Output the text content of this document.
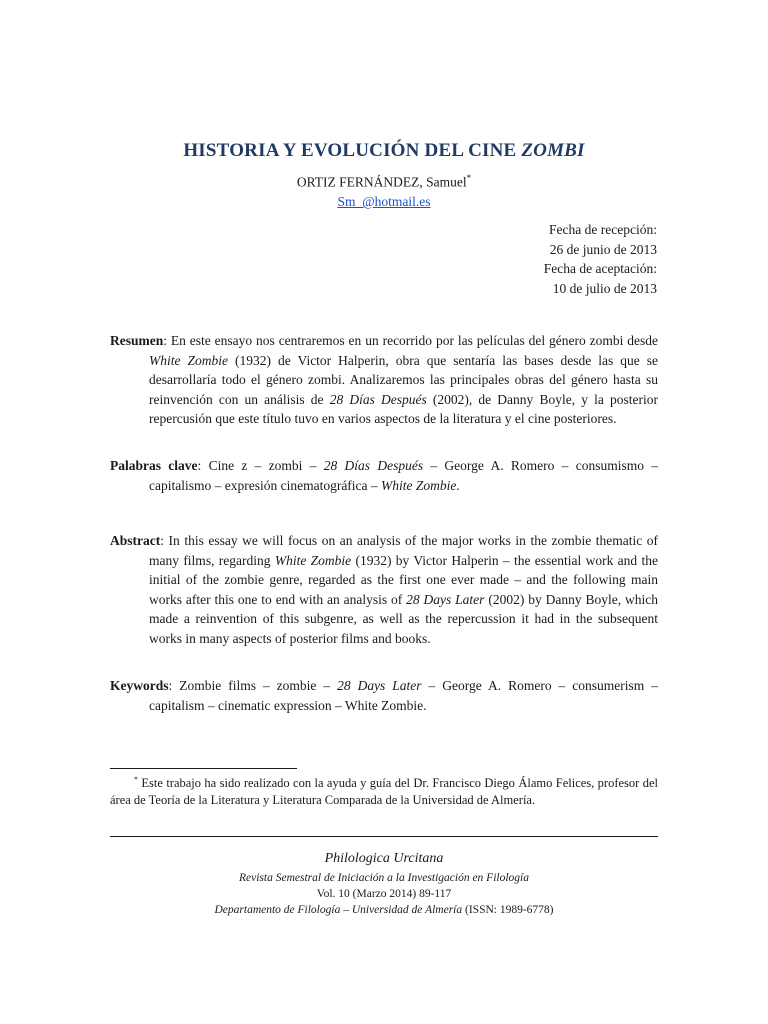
HISTORIA Y EVOLUCIÓN DEL CINE ZOMBI
ORTIZ FERNÁNDEZ, Samuel*
Sm_@hotmail.es
Fecha de recepción:
26 de junio de 2013
Fecha de aceptación:
10 de julio de 2013
Resumen: En este ensayo nos centraremos en un recorrido por las películas del género zombi desde White Zombie (1932) de Victor Halperin, obra que sentaría las bases desde las que se desarrollaría todo el género zombi. Analizaremos las principales obras del género hasta su reinvención con un análisis de 28 Días Después (2002), de Danny Boyle, y la posterior repercusión que este título tuvo en varios aspectos de la literatura y el cine posteriores.
Palabras clave: Cine z – zombi – 28 Días Después – George A. Romero – consumismo – capitalismo – expresión cinematográfica – White Zombie.
Abstract: In this essay we will focus on an analysis of the major works in the zombie thematic of many films, regarding White Zombie (1932) by Victor Halperin – the essential work and the initial of the zombie genre, regarded as the first one ever made – and the following main works after this one to end with an analysis of 28 Days Later (2002) by Danny Boyle, which made a reinvention of this subgenre, as well as the repercussion it had in the subsequent works in many aspects of posterior films and books.
Keywords: Zombie films – zombie – 28 Days Later – George A. Romero – consumerism – capitalism – cinematic expression – White Zombie.
* Este trabajo ha sido realizado con la ayuda y guía del Dr. Francisco Diego Álamo Felices, profesor del área de Teoría de la Literatura y Literatura Comparada de la Universidad de Almería.
Philologica Urcitana
Revista Semestral de Iniciación a la Investigación en Filología
Vol. 10 (Marzo 2014) 89-117
Departamento de Filología – Universidad de Almería (ISSN: 1989-6778)
